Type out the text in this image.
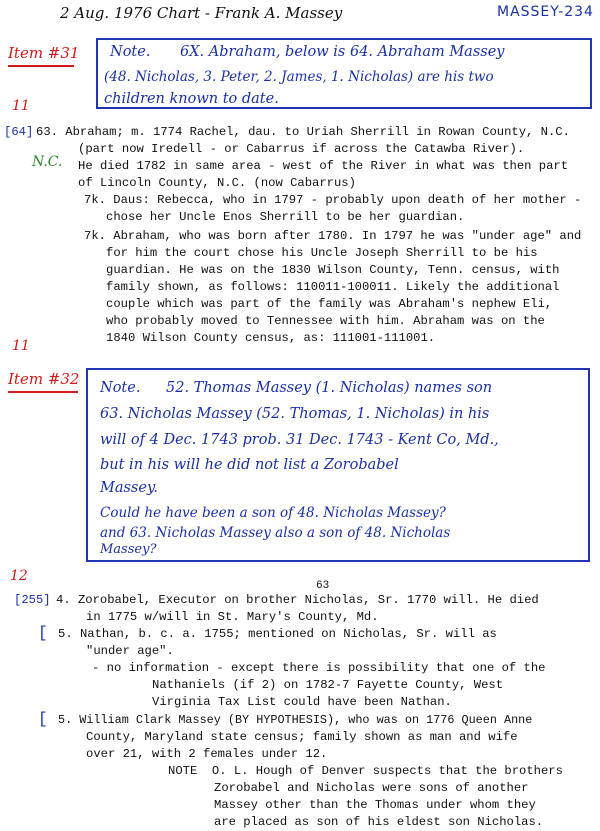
2 Aug. 1976 Chart - Frank A. Massey	MASSEY-234
Item #31 Note. 6X. Abraham, below is 64. Abraham Massey
(48. Nicholas, 3. Peter, 2. James, 1. Nicholas) are his two
children known to date.
11
[64]
N.C.
63. Abraham; m. 1774 Rachel, dau. to Uriah Sherrill in Rowan County, N.C.
(part now Iredell - or Cabarrus if across the Catawba River).
He died 1782 in same area - west of the River in what was then part
of Lincoln County, N.C. (now Cabarrus)
7k. Daus: Rebecca, who in 1797 - probably upon death of her mother -
chose her Uncle Enos Sherrill to be her guardian.
7k. Abraham, who was born after 1780. In 1797 he was "under age" and
for him the court chose his Uncle Joseph Sherrill to be his
guardian. He was on the 1830 Wilson County, Tenn. census, with
family shown, as follows: 110011-100011. Likely the additional
couple which was part of the family was Abraham's nephew Eli,
who probably moved to Tennessee with him. Abraham was on the
1840 Wilson County census, as: 111001-111001.
11
Item #32 Note. 52. Thomas Massey (1. Nicholas) names son
63. Nicholas Massey (52. Thomas, 1. Nicholas) in his
will of 4 Dec. 1743 prob. 31 Dec. 1743 - Kent Co, Md.,
but in his will he did not list a Zorobabel
Massey.
Could he have been a son of 48. Nicholas Massey?
and 63. Nicholas Massey also a son of 48. Nicholas
Massey?
12
[255]
63
4. Zorobabel, Executor on brother Nicholas, Sr. 1770 will. He died
in 1775 w/will in St. Mary's County, Md.
[ 5. Nathan, b. c. a. 1755; mentioned on Nicholas, Sr. will as
"under age".
- no information - except there is possibility that one of the
Nathaniels (if 2) on 1782-7 Fayette County, West
Virginia Tax List could have been Nathan.
[ 5. William Clark Massey (BY HYPOTHESIS), who was on 1776 Queen Anne
County, Maryland state census; family shown as man and wife
over 21, with 2 females under 12.
NOTE  O. L. Hough of Denver suspects that the brothers
Zorobabel and Nicholas were sons of another
Massey other than the Thomas under whom they
are placed as son of his eldest son Nicholas.
